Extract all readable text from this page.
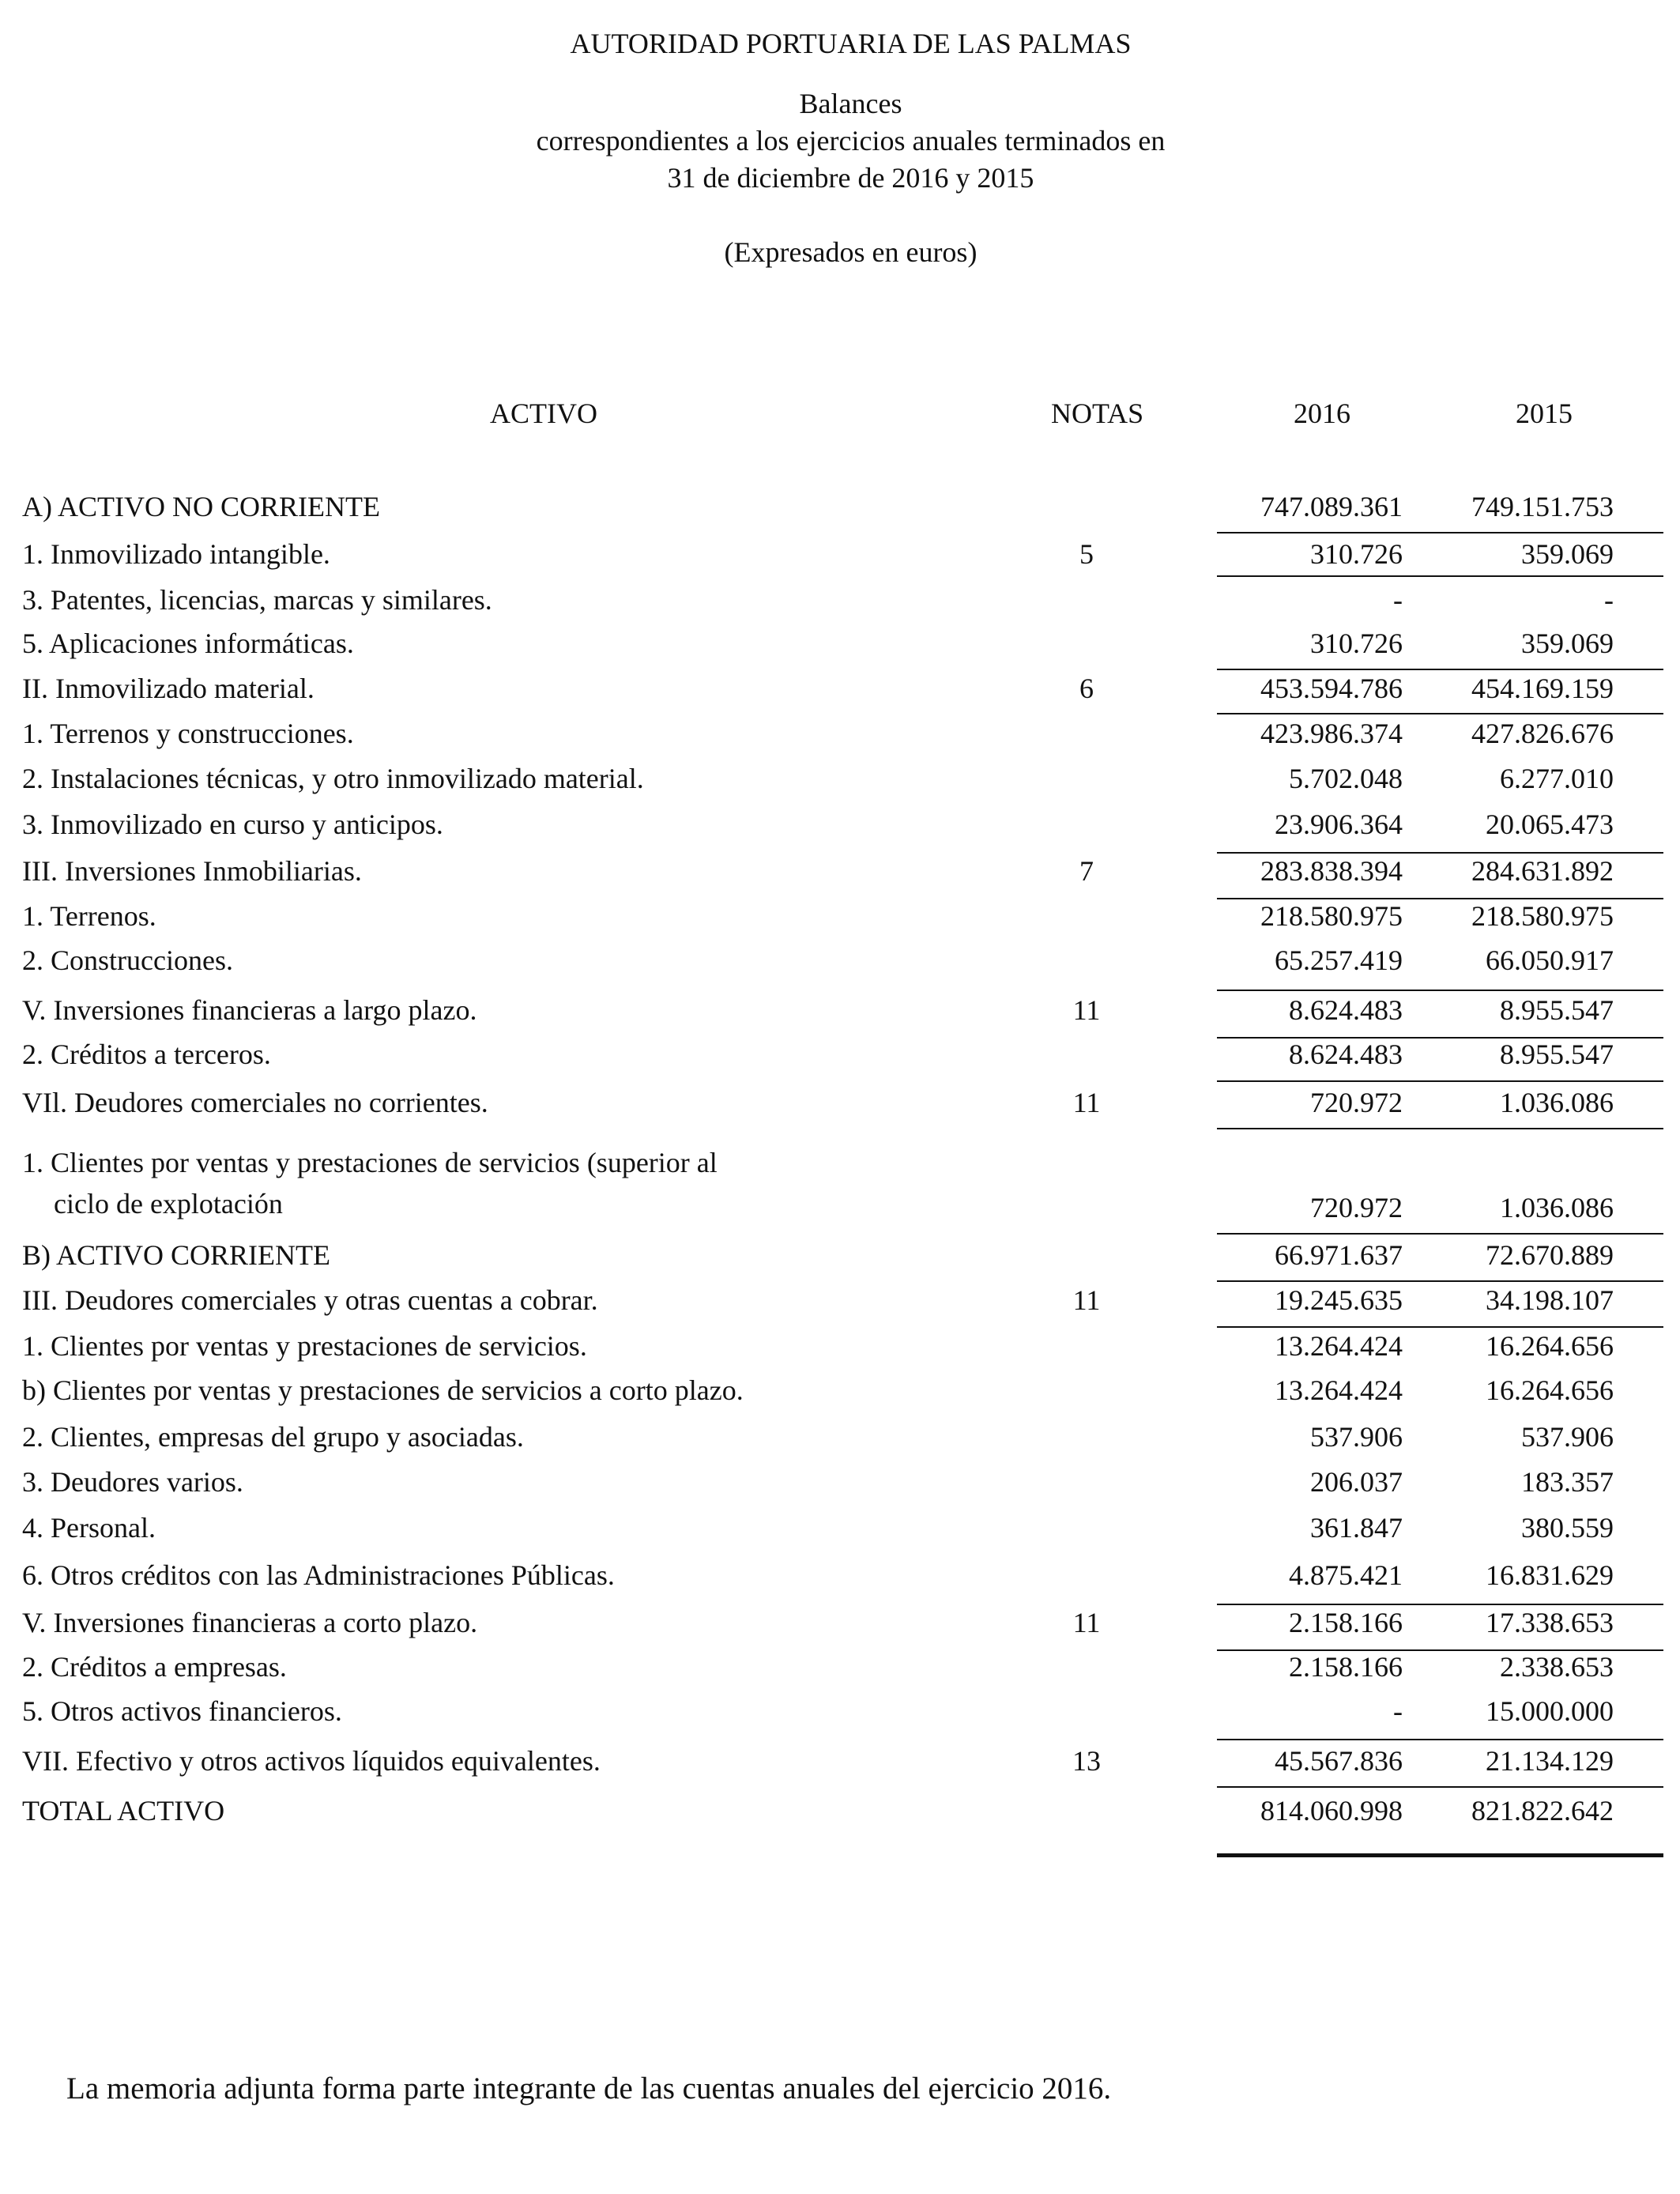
AUTORIDAD PORTUARIA DE LAS PALMAS
Balances
correspondientes a los ejercicios anuales terminados en
31 de diciembre de 2016 y 2015
(Expresados en euros)
ACTIVO	NOTAS	2016	2015
A) ACTIVO NO CORRIENTE	747.089.361	749.151.753
1. Inmovilizado intangible.	5	310.726	359.069
3. Patentes, licencias, marcas y similares.	-	-
5. Aplicaciones informáticas.	310.726	359.069
II. Inmovilizado material.	6	453.594.786	454.169.159
1. Terrenos y construcciones.	423.986.374	427.826.676
2. Instalaciones técnicas, y otro inmovilizado material.	5.702.048	6.277.010
3. Inmovilizado en curso y anticipos.	23.906.364	20.065.473
III. Inversiones Inmobiliarias.	7	283.838.394	284.631.892
1. Terrenos.	218.580.975	218.580.975
2. Construcciones.	65.257.419	66.050.917
V. Inversiones financieras a largo plazo.	11	8.624.483	8.955.547
2. Créditos a terceros.	8.624.483	8.955.547
VIl. Deudores comerciales no corrientes.	11	720.972	1.036.086
1. Clientes por ventas y prestaciones de servicios (superior al
ciclo de explotación	720.972	1.036.086
B) ACTIVO CORRIENTE	66.971.637	72.670.889
III. Deudores comerciales y otras cuentas a cobrar.	11	19.245.635	34.198.107
1. Clientes por ventas y prestaciones de servicios.	13.264.424	16.264.656
b) Clientes por ventas y prestaciones de servicios a corto plazo.	13.264.424	16.264.656
2. Clientes, empresas del grupo y asociadas.	537.906	537.906
3. Deudores varios.	206.037	183.357
4. Personal.	361.847	380.559
6. Otros créditos con las Administraciones Públicas.	4.875.421	16.831.629
V. Inversiones financieras a corto plazo.	11	2.158.166	17.338.653
2. Créditos a empresas.	2.158.166	2.338.653
5. Otros activos financieros.	-	15.000.000
VII. Efectivo y otros activos líquidos equivalentes.	13	45.567.836	21.134.129
TOTAL ACTIVO	814.060.998	821.822.642
La memoria adjunta forma parte integrante de las cuentas anuales del ejercicio 2016.
